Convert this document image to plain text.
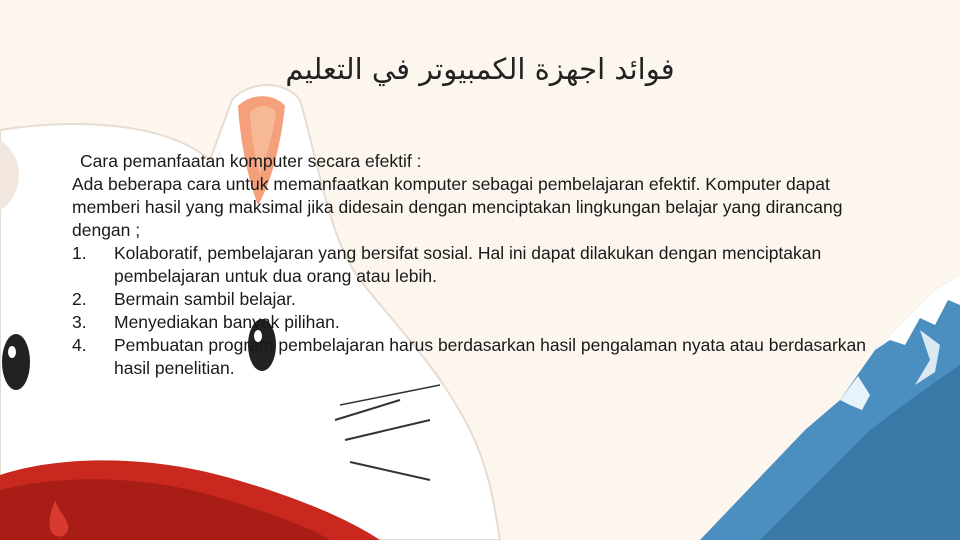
فوائد اجهزة الكمبيوتر في التعليم

Cara pemanfaatan komputer secara efektif :

Ada beberapa cara untuk memanfaatkan komputer sebagai pembelajaran efektif. Komputer dapat memberi hasil yang maksimal jika didesain dengan menciptakan lingkungan belajar yang dirancang dengan ;

1. Kolaboratif, pembelajaran yang bersifat sosial. Hal ini dapat dilakukan dengan menciptakan pembelajaran untuk dua orang atau lebih.
2. Bermain sambil belajar.
3. Menyediakan banyak pilihan.
4. Pembuatan program pembelajaran harus berdasarkan hasil pengalaman nyata atau berdasarkan hasil penelitian.
